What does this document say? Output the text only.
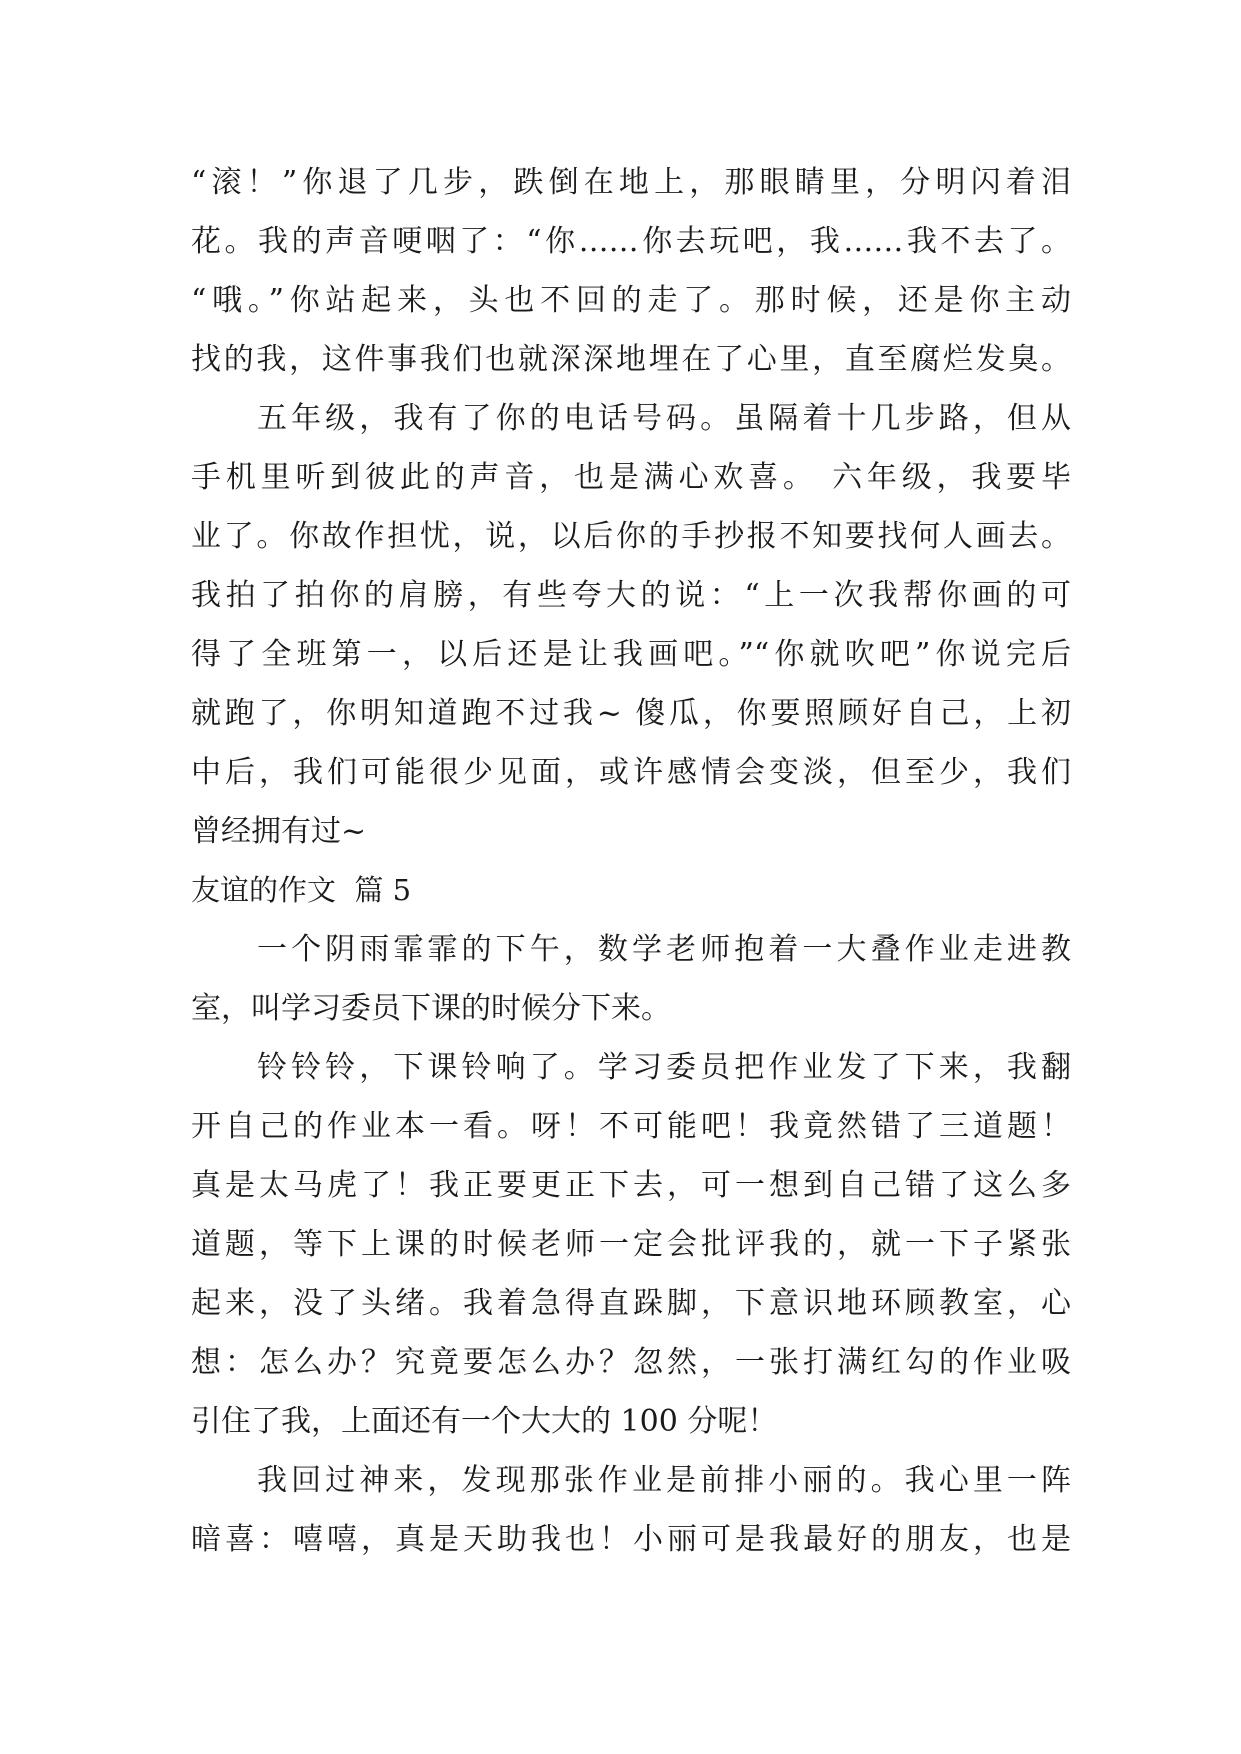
“滚！”你退了几步，跌倒在地上，那眼睛里，分明闪着泪
花。我的声音哽咽了：“你……你去玩吧，我……我不去了。
“哦。”你站起来，头也不回的走了。那时候，还是你主动
找的我，这件事我们也就深深地埋在了心里，直至腐烂发臭。
五年级，我有了你的电话号码。虽隔着十几步路，但从
手机里听到彼此的声音，也是满心欢喜。 六年级，我要毕
业了。你故作担忧，说，以后你的手抄报不知要找何人画去。
我拍了拍你的肩膀，有些夸大的说：“上一次我帮你画的可
得了全班第一，以后还是让我画吧。”“你就吹吧”你说完后
就跑了，你明知道跑不过我~ 傻瓜，你要照顾好自己，上初
中后，我们可能很少见面，或许感情会变淡，但至少，我们
曾经拥有过~
友谊的作文  篇 5
一个阴雨霏霏的下午，数学老师抱着一大叠作业走进教
室，叫学习委员下课的时候分下来。
铃铃铃，下课铃响了。学习委员把作业发了下来，我翻
开自己的作业本一看。呀！不可能吧！我竟然错了三道题！
真是太马虎了！我正要更正下去，可一想到自己错了这么多
道题，等下上课的时候老师一定会批评我的，就一下子紧张
起来，没了头绪。我着急得直跺脚，下意识地环顾教室，心
想：怎么办？究竟要怎么办？忽然，一张打满红勾的作业吸
引住了我，上面还有一个大大的 100 分呢！
我回过神来，发现那张作业是前排小丽的。我心里一阵
暗喜：嘻嘻，真是天助我也！小丽可是我最好的朋友，也是
